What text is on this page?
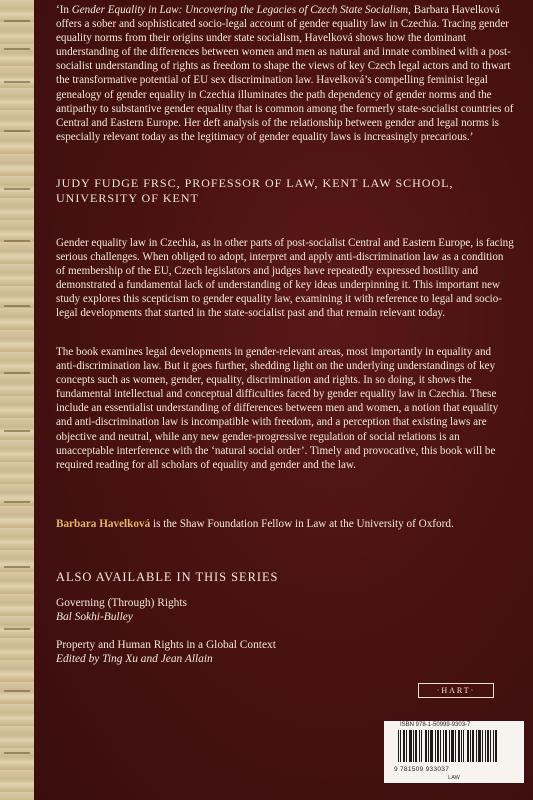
‘In Gender Equality in Law: Uncovering the Legacies of Czech State Socialism, Barbara Havelková offers a sober and sophisticated socio-legal account of gender equality law in Czechia. Tracing gender equality norms from their origins under state socialism, Havelková shows how the dominant understanding of the differences between women and men as natural and innate combined with a post-socialist understanding of rights as freedom to shape the views of key Czech legal actors and to thwart the transformative potential of EU sex discrimination law. Havelková’s compelling feminist legal genealogy of gender equality in Czechia illuminates the path dependency of gender norms and the antipathy to substantive gender equality that is common among the formerly state-socialist countries of Central and Eastern Europe. Her deft analysis of the relationship between gender and legal norms is especially relevant today as the legitimacy of gender equality laws is increasingly precarious.’
JUDY FUDGE FRSC, PROFESSOR OF LAW, KENT LAW SCHOOL, UNIVERSITY OF KENT
Gender equality law in Czechia, as in other parts of post-socialist Central and Eastern Europe, is facing serious challenges. When obliged to adopt, interpret and apply anti-discrimination law as a condition of membership of the EU, Czech legislators and judges have repeatedly expressed hostility and demonstrated a fundamental lack of understanding of key ideas underpinning it. This important new study explores this scepticism to gender equality law, examining it with reference to legal and socio-legal developments that started in the state-socialist past and that remain relevant today.
The book examines legal developments in gender-relevant areas, most importantly in equality and anti-discrimination law. But it goes further, shedding light on the underlying understandings of key concepts such as women, gender, equality, discrimination and rights. In so doing, it shows the fundamental intellectual and conceptual difficulties faced by gender equality law in Czechia. These include an essentialist understanding of differences between men and women, a notion that equality and anti-discrimination law is incompatible with freedom, and a perception that existing laws are objective and neutral, while any new gender-progressive regulation of social relations is an unacceptable interference with the ‘natural social order’. Timely and provocative, this book will be required reading for all scholars of equality and gender and the law.
Barbara Havelková is the Shaw Foundation Fellow in Law at the University of Oxford.
ALSO AVAILABLE IN THIS SERIES
Governing (Through) Rights
Bal Sokhi-Bulley
Property and Human Rights in a Global Context
Edited by Ting Xu and Jean Allain
·HART·
ISBN 978-1-50999-9303-7
9 781509 933037
LAW
